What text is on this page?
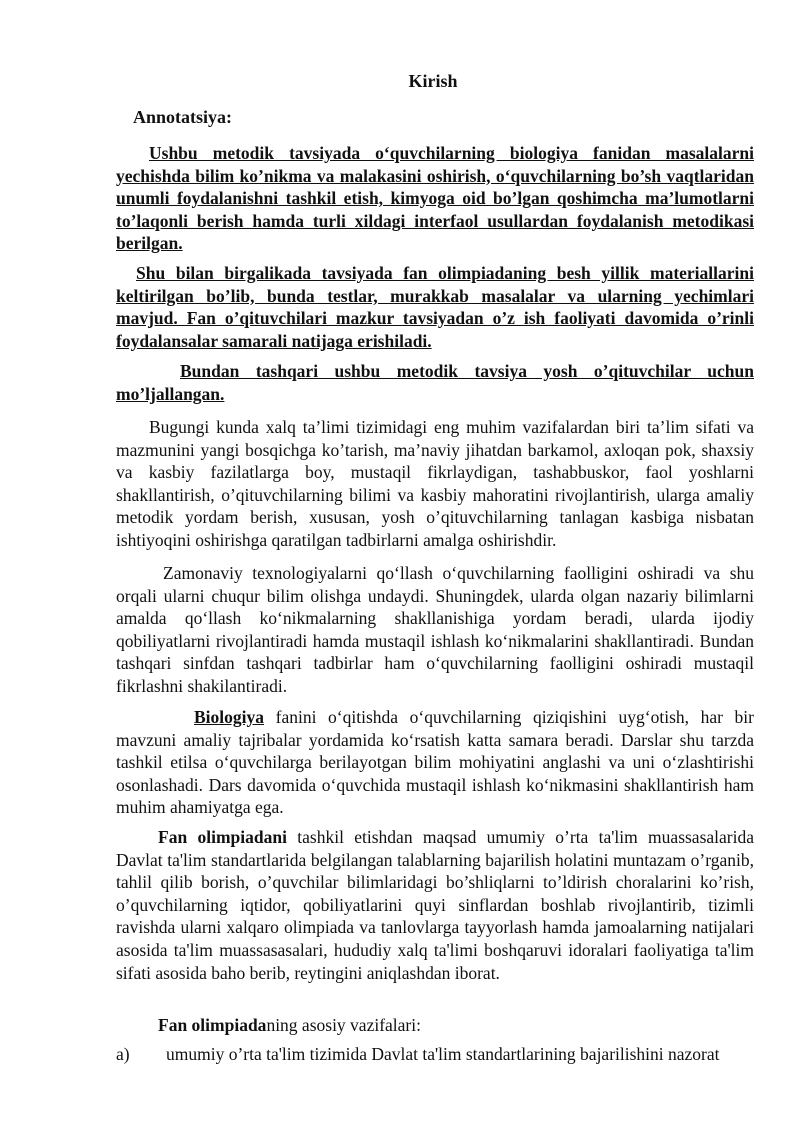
Kirish
Annotatsiya:

Ushbu metodik tavsiyada o‘quvchilarning biologiya fanidan masalalarni yechishda bilim ko’nikma va malakasini oshirish, o‘quvchilarning bo’sh vaqtlaridan unumli foydalanishni tashkil etish, kimyoga oid bo’lgan qoshimcha ma’lumotlarni to’laqonli berish hamda turli xildagi interfaol usullardan foydalanish metodikasi berilgan.

Shu bilan birgalikada tavsiyada fan olimpiadaning besh yillik materiallarini keltirilgan bo’lib, bunda testlar, murakkab masalalar va ularning yechimlari mavjud. Fan o’qituvchilari mazkur tavsiyadan o’z ish faoliyati davomida o’rinli foydalansalar samarali natijaga erishiladi.

Bundan tashqari ushbu metodik tavsiya yosh o’qituvchilar uchun mo’ljallangan.

Bugungi kunda xalq ta’limi tizimidagi eng muhim vazifalardan biri ta’lim sifati va mazmunini yangi bosqichga ko’tarish, ma’naviy jihatdan barkamol, axloqan pok, shaxsiy va kasbiy fazilatlarga boy, mustaqil fikrlaydigan, tashabbuskor, faol yoshlarni shakllantirish, o’qituvchilarning bilimi va kasbiy mahoratini rivojlantirish, ularga amaliy metodik yordam berish, xususan, yosh o’qituvchilarning tanlagan kasbiga nisbatan ishtiyoqini oshirishga qaratilgan tadbirlarni amalga oshirishdir.

Zamonaviy texnologiyalarni qo‘llash o‘quvchilarning faolligini oshiradi va shu orqali ularni chuqur bilim olishga undaydi. Shuningdek, ularda olgan nazariy bilimlarni amalda qo‘llash ko‘nikmalarning shakllanishiga yordam beradi, ularda ijodiy qobiliyatlarni rivojlantiradi hamda mustaqil ishlash ko‘nikmalarini shakllantiradi. Bundan tashqari sinfdan tashqari tadbirlar ham o‘quvchilarning faolligini oshiradi mustaqil fikrlashni shakilantiradi.

Biologiya fanini o‘qitishda o‘quvchilarning qiziqishini uyg‘otish, har bir mavzuni amaliy tajribalar yordamida ko‘rsatish katta samara beradi. Darslar shu tarzda tashkil etilsa o‘quvchilarga berilayotgan bilim mohiyatini anglashi va uni o‘zlashtirishi osonlashadi. Dars davomida o‘quvchida mustaqil ishlash ko‘nikmasini shakllantirish ham muhim ahamiyatga ega.

Fan olimpiadani tashkil etishdan maqsad umumiy o’rta ta'lim muassasalarida Davlat ta'lim standartlarida belgilangan talablarning bajarilish holatini muntazam o’rganib, tahlil qilib borish, o’quvchilar bilimlaridagi bo’shliqlarni to’ldirish choralarini ko’rish, o’quvchilarning iqtidor, qobiliyatlarini quyi sinflardan boshlab rivojlantirib, tizimli ravishda ularni xalqaro olimpiada va tanlovlarga tayyorlash hamda jamoalarning natijalari asosida ta'lim muassasasalari, hududiy xalq ta'limi boshqaruvi idoralari faoliyatiga ta'lim sifati asosida baho berib, reytingini aniqlashdan iborat.

Fan olimpiadaning asosiy vazifalari:

a) umumiy o’rta ta'lim tizimida Davlat ta'lim standartlarining bajarilishini nazorat
